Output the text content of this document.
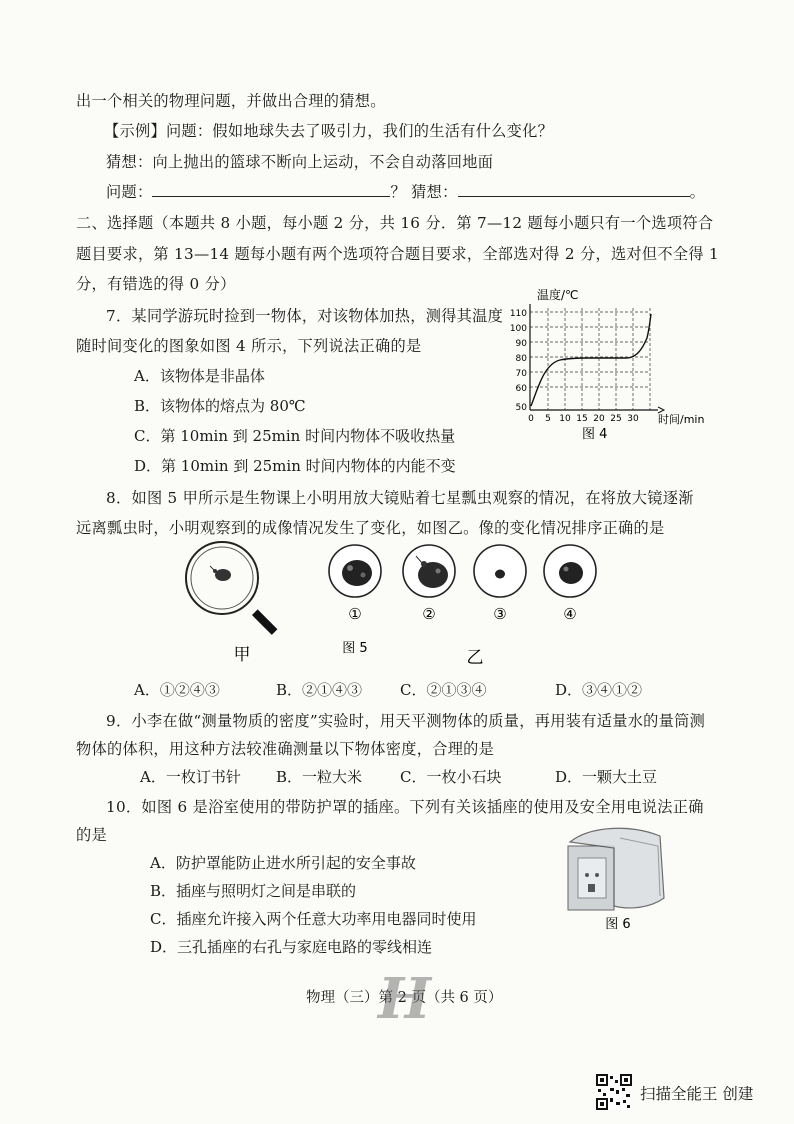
出一个相关的物理问题，并做出合理的猜想。
【示例】问题：假如地球失去了吸引力，我们的生活有什么变化？
猜想：向上抛出的篮球不断向上运动，不会自动落回地面
问题：	？ 猜想：	。
二、选择题（本题共 8 小题，每小题 2 分，共 16 分．第 7—12 题每小题只有一个选项符合
题目要求，第 13—14 题每小题有两个选项符合题目要求，全部选对得 2 分，选对但不全得 1
分，有错选的得 0 分）
7．某同学游玩时捡到一物体，对该物体加热，测得其温度
随时间变化的图象如图 4 所示，下列说法正确的是
A．该物体是非晶体
B．该物体的熔点为 80℃
C．第 10min 到 25min 时间内物体不吸收热量
D．第 10min 到 25min 时间内物体的内能不变
温度/℃
50
60
70
80
90
100
110
0 5 10 15 20 25 30 时间/min
图 4
8．如图 5 甲所示是生物课上小明用放大镜贴着七星瓢虫观察的情况，在将放大镜逐渐
远离瓢虫时，小明观察到的成像情况发生了变化，如图乙。像的变化情况排序正确的是
①	②	③	④
甲	图 5	乙
A．①②④③	B．②①④③	C．②①③④	D．③④①②
9．小李在做“测量物质的密度”实验时，用天平测物体的质量，再用装有适量水的量筒测
物体的体积，用这种方法较准确测量以下物体密度，合理的是
A．一枚订书针 B．一粒大米	C．一枚小石块	D．一颗大土豆
10．如图 6 是浴室使用的带防护罩的插座。下列有关该插座的使用及安全用电说法正确
的是
A．防护罩能防止进水所引起的安全事故
B．插座与照明灯之间是串联的
C．插座允许接入两个任意大功率用电器同时使用
D．三孔插座的右孔与家庭电路的零线相连
图 6
物理（三）第 2 页（共 6 页）
H
扫描全能王 创建
